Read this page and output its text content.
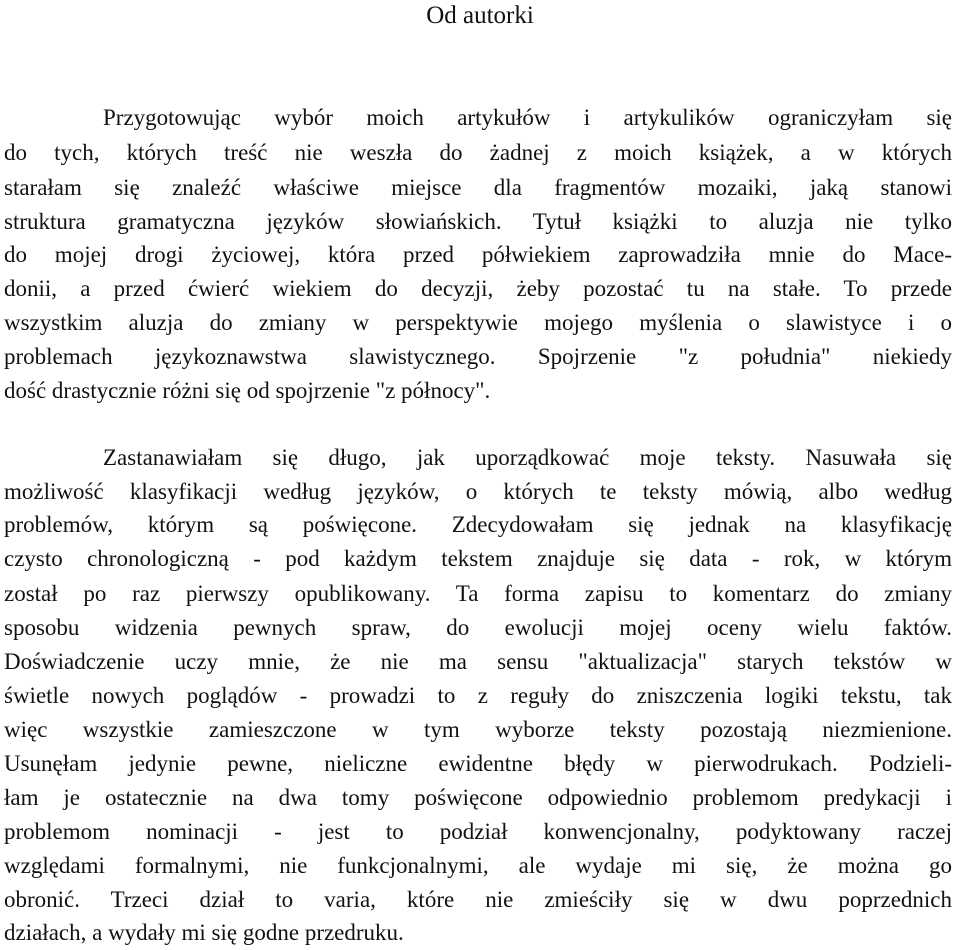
Od autorki
Przygotowując wybór moich artykułów i artykulików ograniczyłam się
do tych, których treść nie weszła do żadnej z moich książek, a w których
starałam się znaleźć właściwe miejsce dla fragmentów mozaiki, jaką stanowi
struktura gramatyczna języków słowiańskich. Tytuł książki to aluzja nie tylko
do mojej drogi życiowej, która przed półwiekiem zaprowadziła mnie do Mace-
donii, a przed ćwierć wiekiem do decyzji, żeby pozostać tu na stałe. To przede
wszystkim aluzja do zmiany w perspektywie mojego myślenia o slawistyce i o
problemach językoznawstwa slawistycznego. Spojrzenie "z południa" niekiedy
dość drastycznie różni się od spojrzenie "z północy".
Zastanawiałam się długo, jak uporządkować moje teksty. Nasuwała się
możliwość klasyfikacji według języków, o których te teksty mówią, albo według
problemów, którym są poświęcone. Zdecydowałam się jednak na klasyfikację
czysto chronologiczną - pod każdym tekstem znajduje się data - rok, w którym
został po raz pierwszy opublikowany. Ta forma zapisu to komentarz do zmiany
sposobu widzenia pewnych spraw, do ewolucji mojej oceny wielu faktów.
Doświadczenie uczy mnie, że nie ma sensu "aktualizacja" starych tekstów w
świetle nowych poglądów - prowadzi to z reguły do zniszczenia logiki tekstu, tak
więc wszystkie zamieszczone w tym wyborze teksty pozostają niezmienione.
Usunęłam jedynie pewne, nieliczne ewidentne błędy w pierwodrukach. Podzieli-
łam je ostatecznie na dwa tomy poświęcone odpowiednio problemom predykacji i
problemom nominacji - jest to podział konwencjonalny, podyktowany raczej
względami formalnymi, nie funkcjonalnymi, ale wydaje mi się, że można go
obronić. Trzeci dział to varia, które nie zmieściły się w dwu poprzednich
działach, a wydały mi się godne przedruku.
